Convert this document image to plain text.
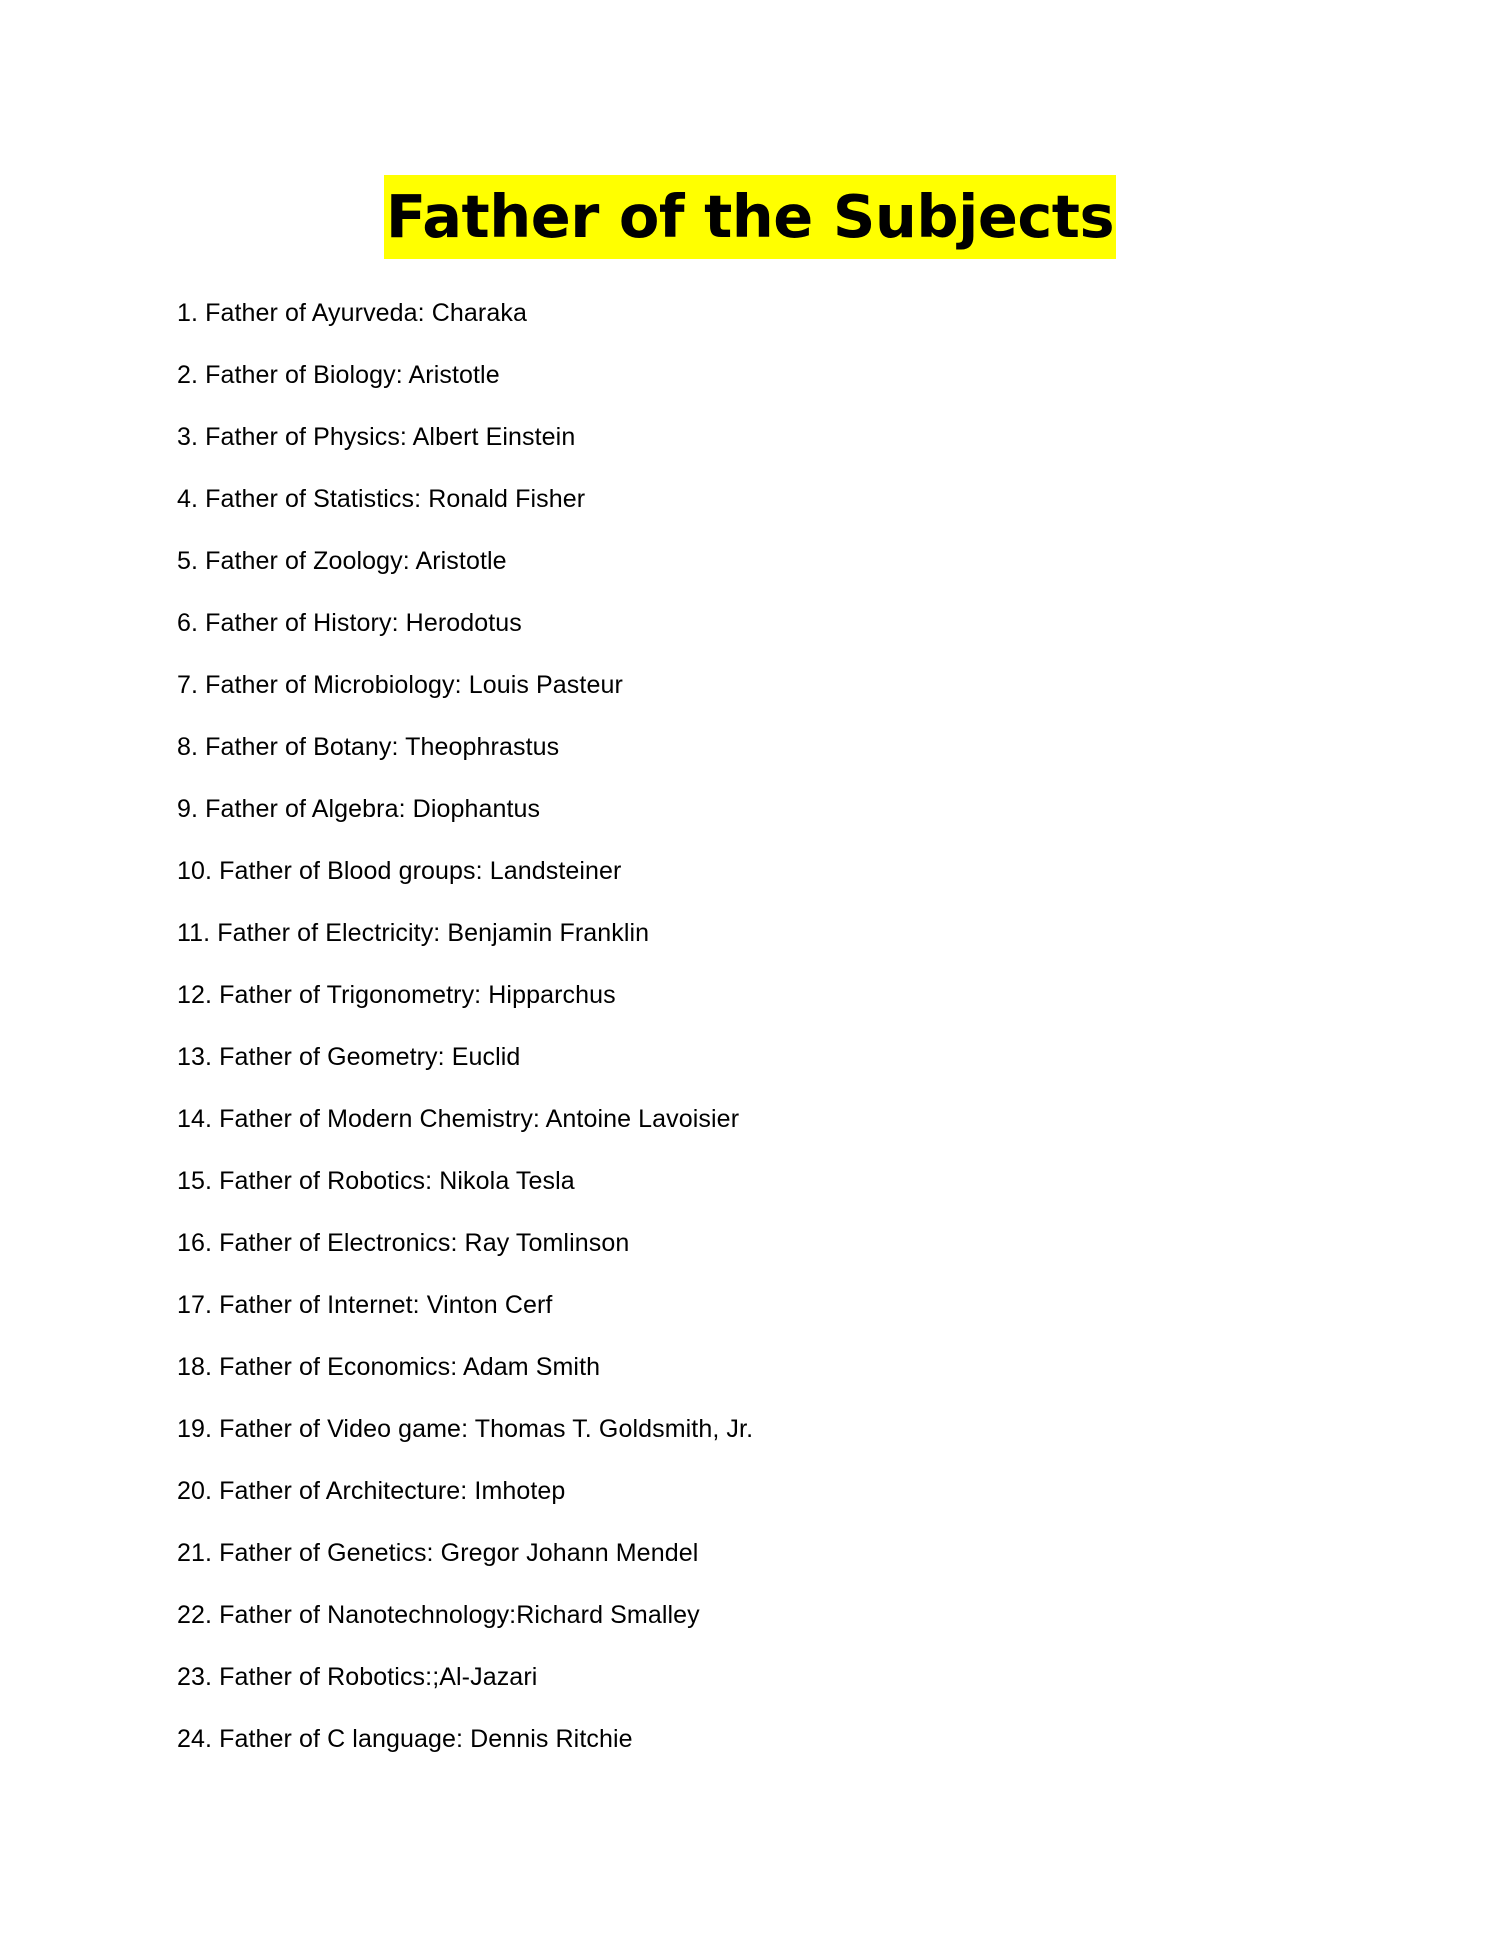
Father of the Subjects
1. Father of Ayurveda: Charaka
2. Father of Biology: Aristotle
3. Father of Physics: Albert Einstein
4. Father of Statistics: Ronald Fisher
5. Father of Zoology: Aristotle
6. Father of History: Herodotus
7. Father of Microbiology: Louis Pasteur
8. Father of Botany: Theophrastus
9. Father of Algebra: Diophantus
10. Father of Blood groups: Landsteiner
11. Father of Electricity: Benjamin Franklin
12. Father of Trigonometry: Hipparchus
13. Father of Geometry: Euclid
14. Father of Modern Chemistry: Antoine Lavoisier
15. Father of Robotics: Nikola Tesla
16. Father of Electronics: Ray Tomlinson
17. Father of Internet: Vinton Cerf
18. Father of Economics: Adam Smith
19. Father of Video game: Thomas T. Goldsmith, Jr.
20. Father of Architecture: Imhotep
21. Father of Genetics: Gregor Johann Mendel
22. Father of Nanotechnology:Richard Smalley
23. Father of Robotics:;Al-Jazari
24. Father of C language: Dennis Ritchie
